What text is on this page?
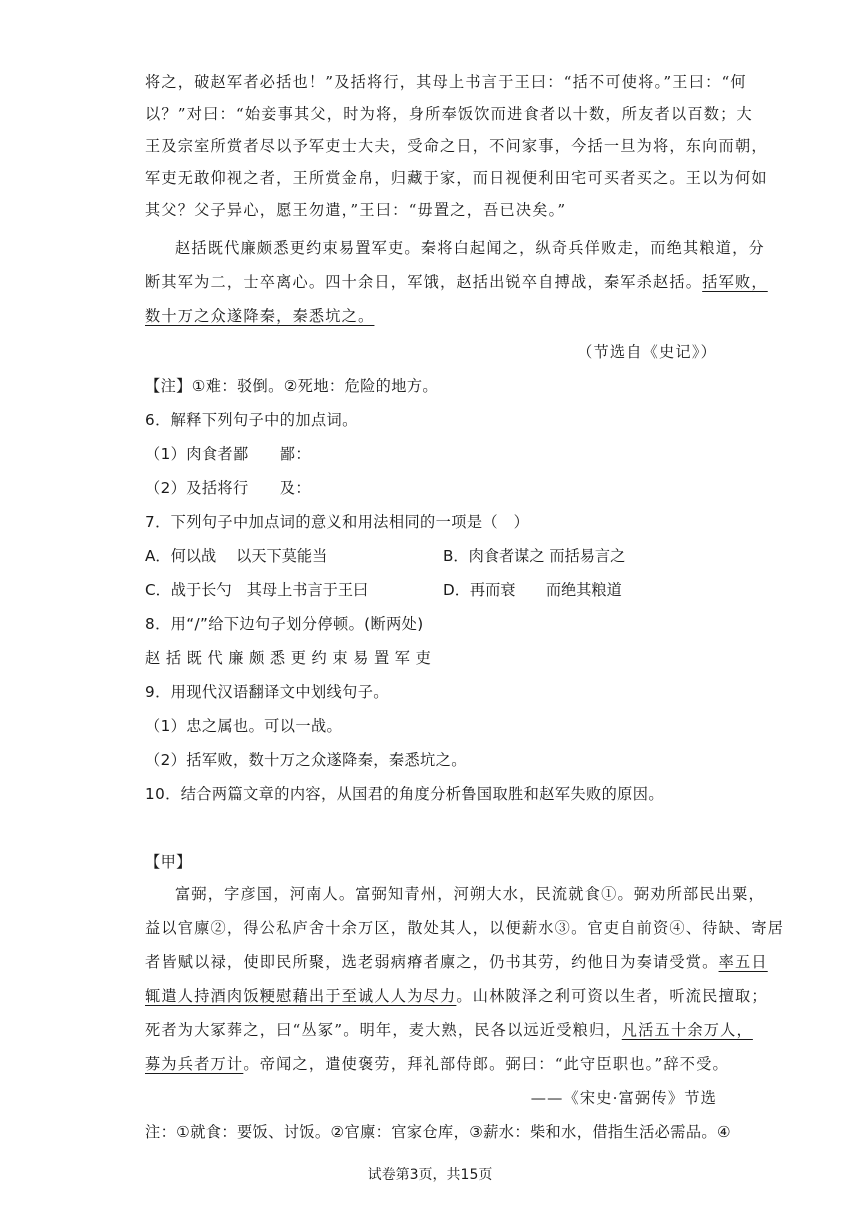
将之，破赵军者必括也！”及括将行，其母上书言于王曰：“括不可使将。”王曰：“何
以？”对曰：“始妾事其父，时为将，身所奉饭饮而进食者以十数，所友者以百数；大
王及宗室所赏者尽以予军吏士大夫，受命之日，不问家事，今括一旦为将，东向而朝，
军吏无敢仰视之者，王所赏金帛，归藏于家，而日视便利田宅可买者买之。王以为何如
其父？父子异心，愿王勿遣，”王曰：“毋置之，吾已决矣。”
赵括既代廉颇悉更约束易置军吏。秦将白起闻之，纵奇兵佯败走，而绝其粮道，分
断其军为二，士卒离心。四十余日，军饿，赵括出锐卒自搏战，秦军杀赵括。括军败，
数十万之众遂降秦，秦悉坑之。
（节选自《史记》）
【注】①难：驳倒。②死地：危险的地方。
6．解释下列句子中的加点词。
（1）肉食者鄙　　鄙：
（2）及括将行　　及：
7．下列句子中加点词的意义和用法相同的一项是（　）
A．何以战　 以天下莫能当	B．肉食者谋之 而括易言之
C．战于长勺　其母上书言于王曰	D．再而衰　　而绝其粮道
8．用“/”给下边句子划分停顿。(断两处)
赵 括 既 代 廉 颇 悉 更 约 束 易 置 军 吏
9．用现代汉语翻译文中划线句子。
（1）忠之属也。可以一战。
（2）括军败，数十万之众遂降秦，秦悉坑之。
10．结合两篇文章的内容，从国君的角度分析鲁国取胜和赵军失败的原因。
【甲】
富弼，字彦国，河南人。富弼知青州，河朔大水，民流就食①。弼劝所部民出粟，
益以官廪②，得公私庐舍十余万区，散处其人，以便薪水③。官吏自前资④、待缺、寄居
者皆赋以禄，使即民所聚，选老弱病瘠者廪之，仍书其劳，约他日为奏请受赏。率五日
辄遣人持酒肉饭粳慰藉出于至诚人人为尽力。山林陂泽之利可资以生者，听流民擅取；
死者为大冢葬之，曰“丛冢”。明年，麦大熟，民各以远近受粮归，凡活五十余万人，
募为兵者万计。帝闻之，遣使褒劳，拜礼部侍郎。弼曰：“此守臣职也。”辞不受。
——《宋史·富弼传》节选
注：①就食：要饭、讨饭。②官廪：官家仓库，③薪水：柴和水，借指生活必需品。④
试卷第3页，共15页
